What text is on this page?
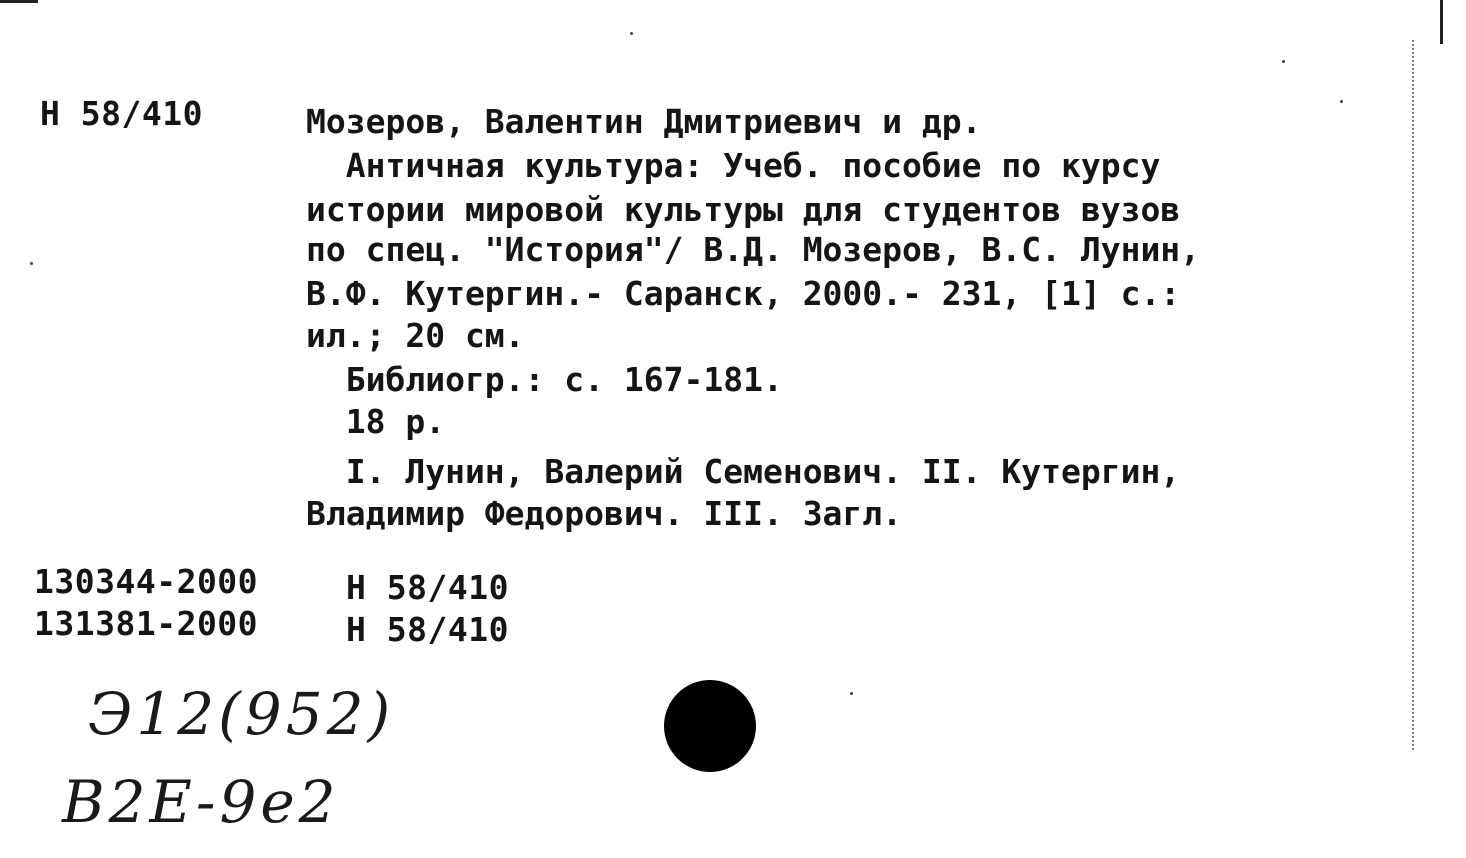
Н 58/410	Мозеров, Валентин Дмитриевич и др.
Античная культура: Учеб. пособие по курсу
истории мировой культуры для студентов вузов
по спец. "История"/ В.Д. Мозеров, В.С. Лунин,
В.Ф. Кутергин.- Саранск, 2000.- 231, [1] с.:
ил.; 20 см.
Библиогр.: с. 167-181.
18 р.
I. Лунин, Валерий Семенович. II. Кутергин,
Владимир Федорович. III. Загл.
130344-2000	Н 58/410
131381-2000	Н 58/410
Э12(952)
В2Е-9е2
